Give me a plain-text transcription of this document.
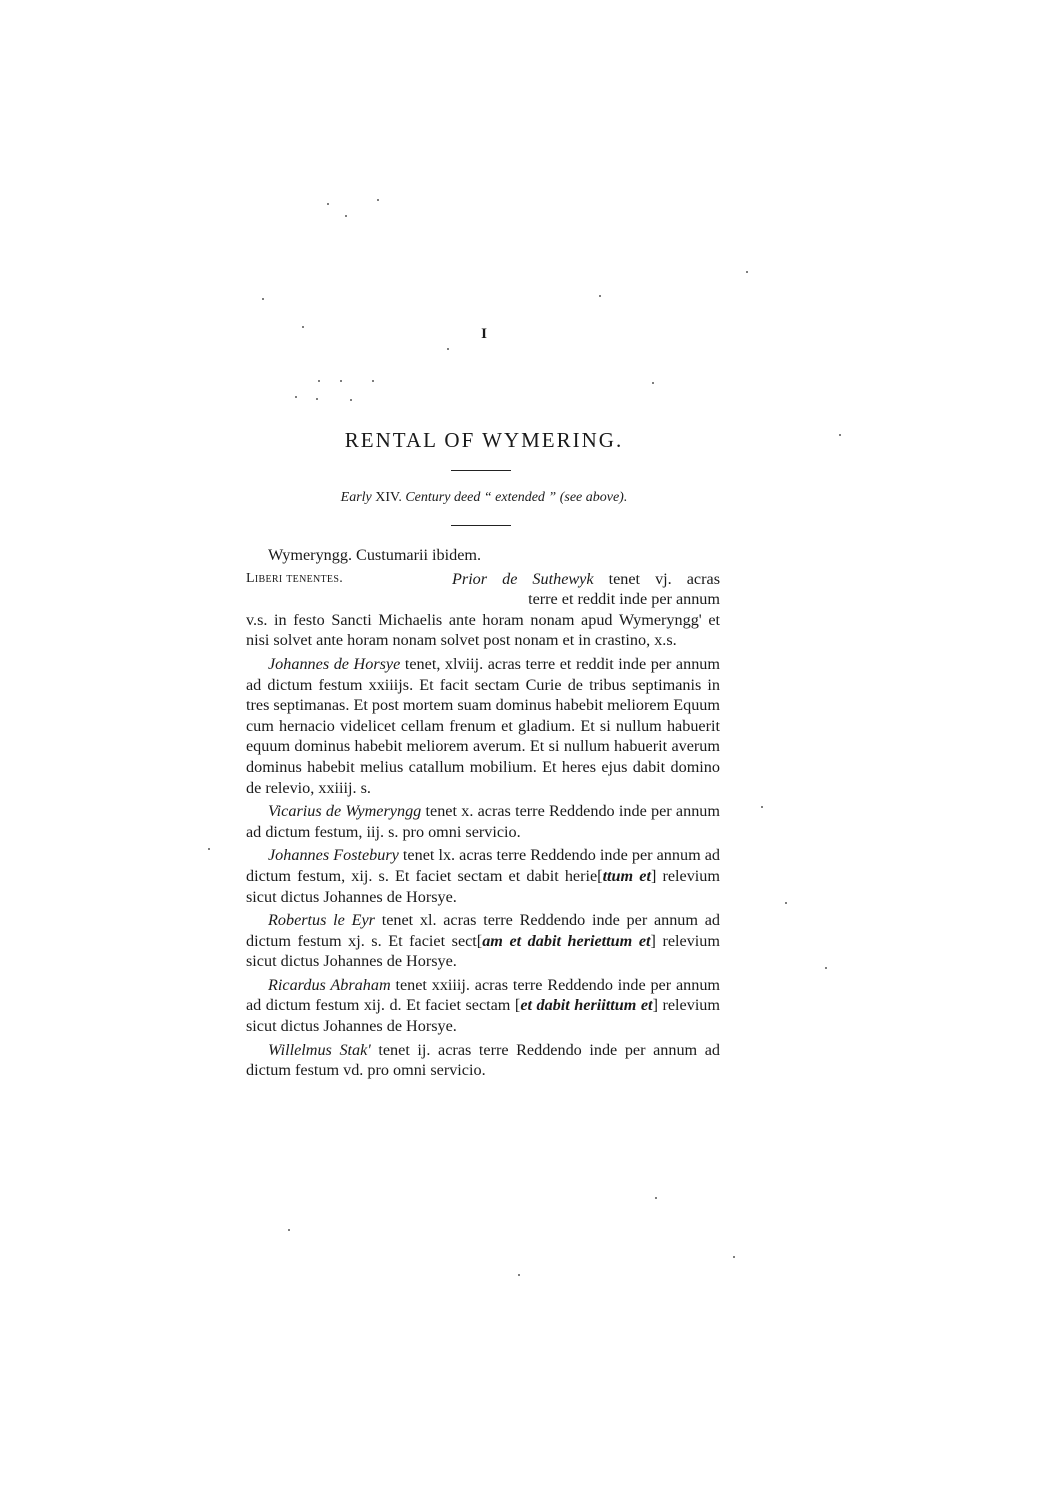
I
RENTAL OF WYMERING.
Early XIV. Century deed “ extended ” (see above).
Wymeryngg. Custumarii ibidem.
Liberi tenentes.	Prior de Suthewyk tenet vj. acras
terre et reddit inde per annum
v.s. in festo Sancti Michaelis ante horam nonam apud Wymeryngg' et nisi solvet ante horam nonam solvet post nonam et in crastino, x.s.

Johannes de Horsye tenet, xlviij. acras terre et reddit inde per annum ad dictum festum xxiiijs. Et facit sectam Curie de tribus septimanis in tres septimanas. Et post mortem suam dominus habebit meliorem Equum cum hernacio videlicet cellam frenum et gladium. Et si nullum habuerit equum dominus habebit meliorem averum. Et si nullum habuerit averum dominus habebit melius catallum mobilium. Et heres ejus dabit domino de relevio, xxiiij. s.

Vicarius de Wymeryngg tenet x. acras terre Reddendo inde per annum ad dictum festum, iij. s. pro omni servicio.

Johannes Fostebury tenet lx. acras terre Reddendo inde per annum ad dictum festum, xij. s. Et faciet sectam et dabit herie[ttum et] relevium sicut dictus Johannes de Horsye.

Robertus le Eyr tenet xl. acras terre Reddendo inde per annum ad dictum festum xj. s. Et faciet sect[am et dabit heriettum et] relevium sicut dictus Johannes de Horsye.

Ricardus Abraham tenet xxiiij. acras terre Reddendo inde per annum ad dictum festum xij. d. Et faciet sectam [et dabit heriittum et] relevium sicut dictus Johannes de Horsye.

Willelmus Stak' tenet ij. acras terre Reddendo inde per annum ad dictum festum vd. pro omni servicio.
